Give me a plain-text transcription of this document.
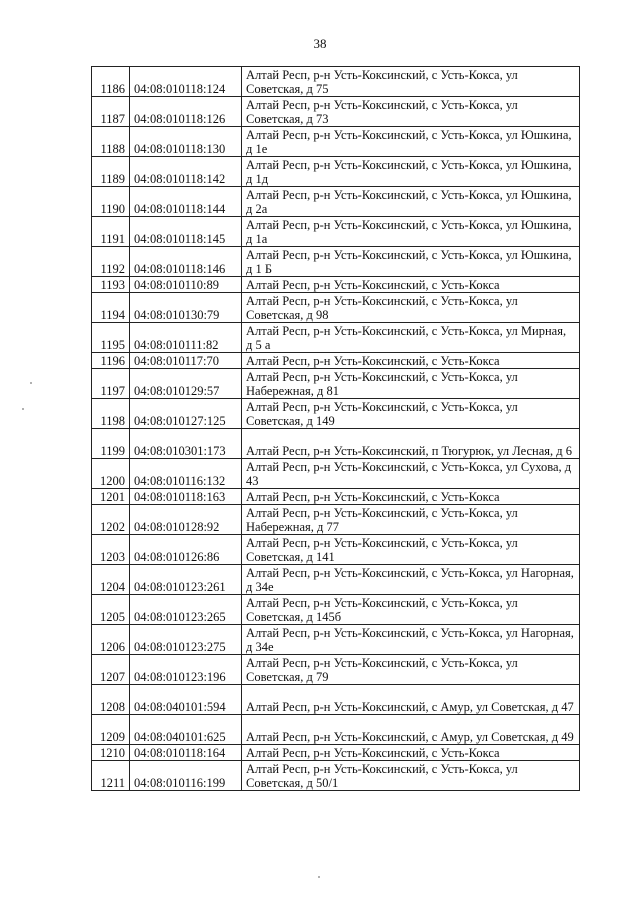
38
1186	04:08:010118:124	Алтай Респ, р-н Усть-Коксинский, с Усть-Кокса, ул Советская, д 75
1187	04:08:010118:126	Алтай Респ, р-н Усть-Коксинский, с Усть-Кокса, ул Советская, д 73
1188	04:08:010118:130	Алтай Респ, р-н Усть-Коксинский, с Усть-Кокса, ул Юшкина, д 1е
1189	04:08:010118:142	Алтай Респ, р-н Усть-Коксинский, с Усть-Кокса, ул Юшкина, д 1д
1190	04:08:010118:144	Алтай Респ, р-н Усть-Коксинский, с Усть-Кокса, ул Юшкина, д 2а
1191	04:08:010118:145	Алтай Респ, р-н Усть-Коксинский, с Усть-Кокса, ул Юшкина, д 1а
1192	04:08:010118:146	Алтай Респ, р-н Усть-Коксинский, с Усть-Кокса, ул Юшкина, д 1 Б
1193	04:08:010110:89	Алтай Респ, р-н Усть-Коксинский, с Усть-Кокса
1194	04:08:010130:79	Алтай Респ, р-н Усть-Коксинский, с Усть-Кокса, ул Советская, д 98
1195	04:08:010111:82	Алтай Респ, р-н Усть-Коксинский, с Усть-Кокса, ул Мирная, д 5 а
1196	04:08:010117:70	Алтай Респ, р-н Усть-Коксинский, с Усть-Кокса
1197	04:08:010129:57	Алтай Респ, р-н Усть-Коксинский, с Усть-Кокса, ул Набережная, д 81
1198	04:08:010127:125	Алтай Респ, р-н Усть-Коксинский, с Усть-Кокса, ул Советская, д 149
1199	04:08:010301:173	Алтай Респ, р-н Усть-Коксинский, п Тюгурюк, ул Лесная, д 6
1200	04:08:010116:132	Алтай Респ, р-н Усть-Коксинский, с Усть-Кокса, ул Сухова, д 43
1201	04:08:010118:163	Алтай Респ, р-н Усть-Коксинский, с Усть-Кокса
1202	04:08:010128:92	Алтай Респ, р-н Усть-Коксинский, с Усть-Кокса, ул Набережная, д 77
1203	04:08:010126:86	Алтай Респ, р-н Усть-Коксинский, с Усть-Кокса, ул Советская, д 141
1204	04:08:010123:261	Алтай Респ, р-н Усть-Коксинский, с Усть-Кокса, ул Нагорная, д 34е
1205	04:08:010123:265	Алтай Респ, р-н Усть-Коксинский, с Усть-Кокса, ул Советская, д 145б
1206	04:08:010123:275	Алтай Респ, р-н Усть-Коксинский, с Усть-Кокса, ул Нагорная, д 34е
1207	04:08:010123:196	Алтай Респ, р-н Усть-Коксинский, с Усть-Кокса, ул Советская, д 79
1208	04:08:040101:594	Алтай Респ, р-н Усть-Коксинский, с Амур, ул Советская, д 47
1209	04:08:040101:625	Алтай Респ, р-н Усть-Коксинский, с Амур, ул Советская, д 49
1210	04:08:010118:164	Алтай Респ, р-н Усть-Коксинский, с Усть-Кокса
1211	04:08:010116:199	Алтай Респ, р-н Усть-Коксинский, с Усть-Кокса, ул Советская, д 50/1
